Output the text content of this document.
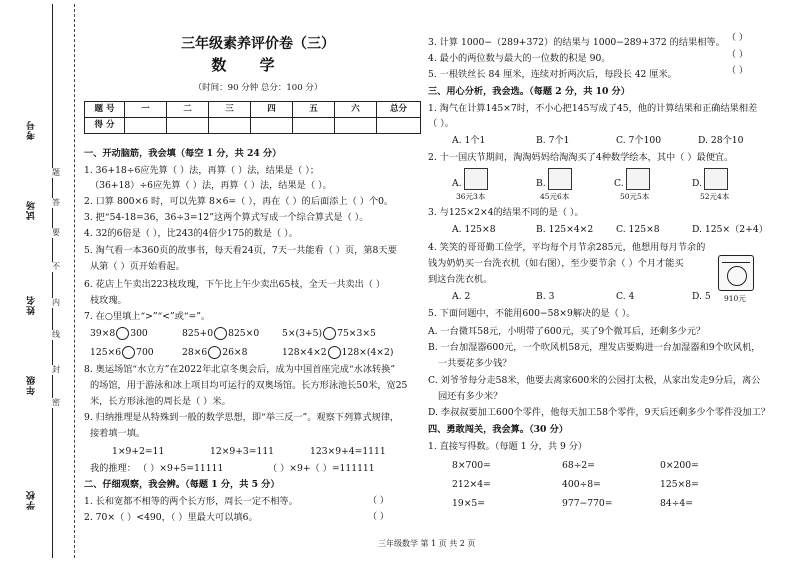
考号
试场
姓名
年级
学校
题
答
要
不
内
线
封
密
三年级素养评价卷（三）
数 学
（时间：90 分钟 总分：100 分）
题 号	一	二	三	四	五	六	总分
得 分							
一、开动脑筋，我会填（每空 1 分，共 24 分）
1. 36+18÷6应先算（ ）法，再算（ ）法，结果是（ ）；
（36+18）÷6应先算（ ）法，再算（ ）法，结果是（ ）。
2. 口算 800×6 时，可以先算 8×6=（ ），再在（ ）的后面添上（ ）个0。
3. 把“54-18=36，36÷3=12”这两个算式写成一个综合算式是（ ）。
4. 32的6倍是（ ），比243的4倍少175的数是（ ）。
5. 淘气看一本360页的故事书，每天看24页，7天一共能看（ ）页，第8天要
从第（ ）页开始看起。
6. 花店上午卖出223枝玫瑰，下午比上午少卖出65枝，全天一共卖出（ ）
枝玫瑰。
7. 在○里填上“>”“<”或“=”。
39×8 300	825+0 825×0 5×(3+5) 75×3×5
125×6 700	28×6 26×8	128×4×2 128×(4×2)
8. 奥运场馆“水立方”在2022年北京冬奥会后，成为中国首座完成“水冰转换”
的场馆，用于游泳和冰上项目均可运行的双奥场馆。长方形泳池长50米，宽25
米，长方形泳池的周长是（ ）米。
9. 归纳推理是从特殊到一般的数学思想，即“举三反一”。观察下列算式规律，
接着填一填。
1×9+2=11	12×9+3=111	123×9+4=1111
我的推理： （ ）×9+5=11111	（ ）×9+（ ）=111111
二、仔细观察，我会辨。（每题 1 分，共 5 分）
1. 长和宽都不相等的两个长方形，周长一定不相等。	（ ）
2. 70×（ ）<490，（ ）里最大可以填6。	（ ）
3. 计算 1000−（289+372）的结果与 1000−289+372 的结果相等。 （ ）
4. 最小的两位数与最大的一位数的积是 90。	（ ）
5. 一根铁丝长 84 厘米，连续对折两次后，每段长 42 厘米。	（ ）
三、用心分析，我会选。（每题 2 分，共 10 分）
1. 淘气在计算145×7时，不小心把145写成了45，他的计算结果和正确结果相差
（ ）。
A. 1个1	B. 7个1	C. 7个100	D. 28个10
2. 十一国庆节期间，淘淘妈妈给淘淘买了4种数学绘本，其中（ ）最便宜。
A.
36元3本
B.
45元6本
C.
50元5本
D.
52元4本
3. 与125×2×4的结果不同的是（ ）。
A. 125×8	B. 125×4×2 C. 125×8	D. 125×（2+4）
4. 笑笑的哥哥勤工俭学，平均每个月节余285元，他想用每月节余的
钱为奶奶买一台洗衣机（如右图），至少要节余（ ）个月才能买
到这台洗衣机。
910元
A. 2	B. 3	C. 4	D. 5
5. 下面问题中，不能用600−58×9解决的是（ ）。
A. 一台微耳58元，小明带了600元，买了9个微耳后，还剩多少元？
B. 一台加湿器600元，一个吹风机58元，理发店要购进一台加湿器和9个吹风机，
一共要花多少钱？
C. 刘爷爷每分走58米，他要去离家600米的公园打太极，从家出发走9分后，离公
园还有多少米？
D. 李叔叔要加工600个零件，他每天加工58个零件，9天后还剩多少个零件没加工？
四、勇敢闯关，我会算。（30 分）
1. 直接写得数。（每题 1 分，共 9 分）
8×700=	68÷2=	0×200=
212×4=	400÷8=	125×8=
19×5=	977−770=	84÷4=
三年级数学 第 1 页 共 2 页
